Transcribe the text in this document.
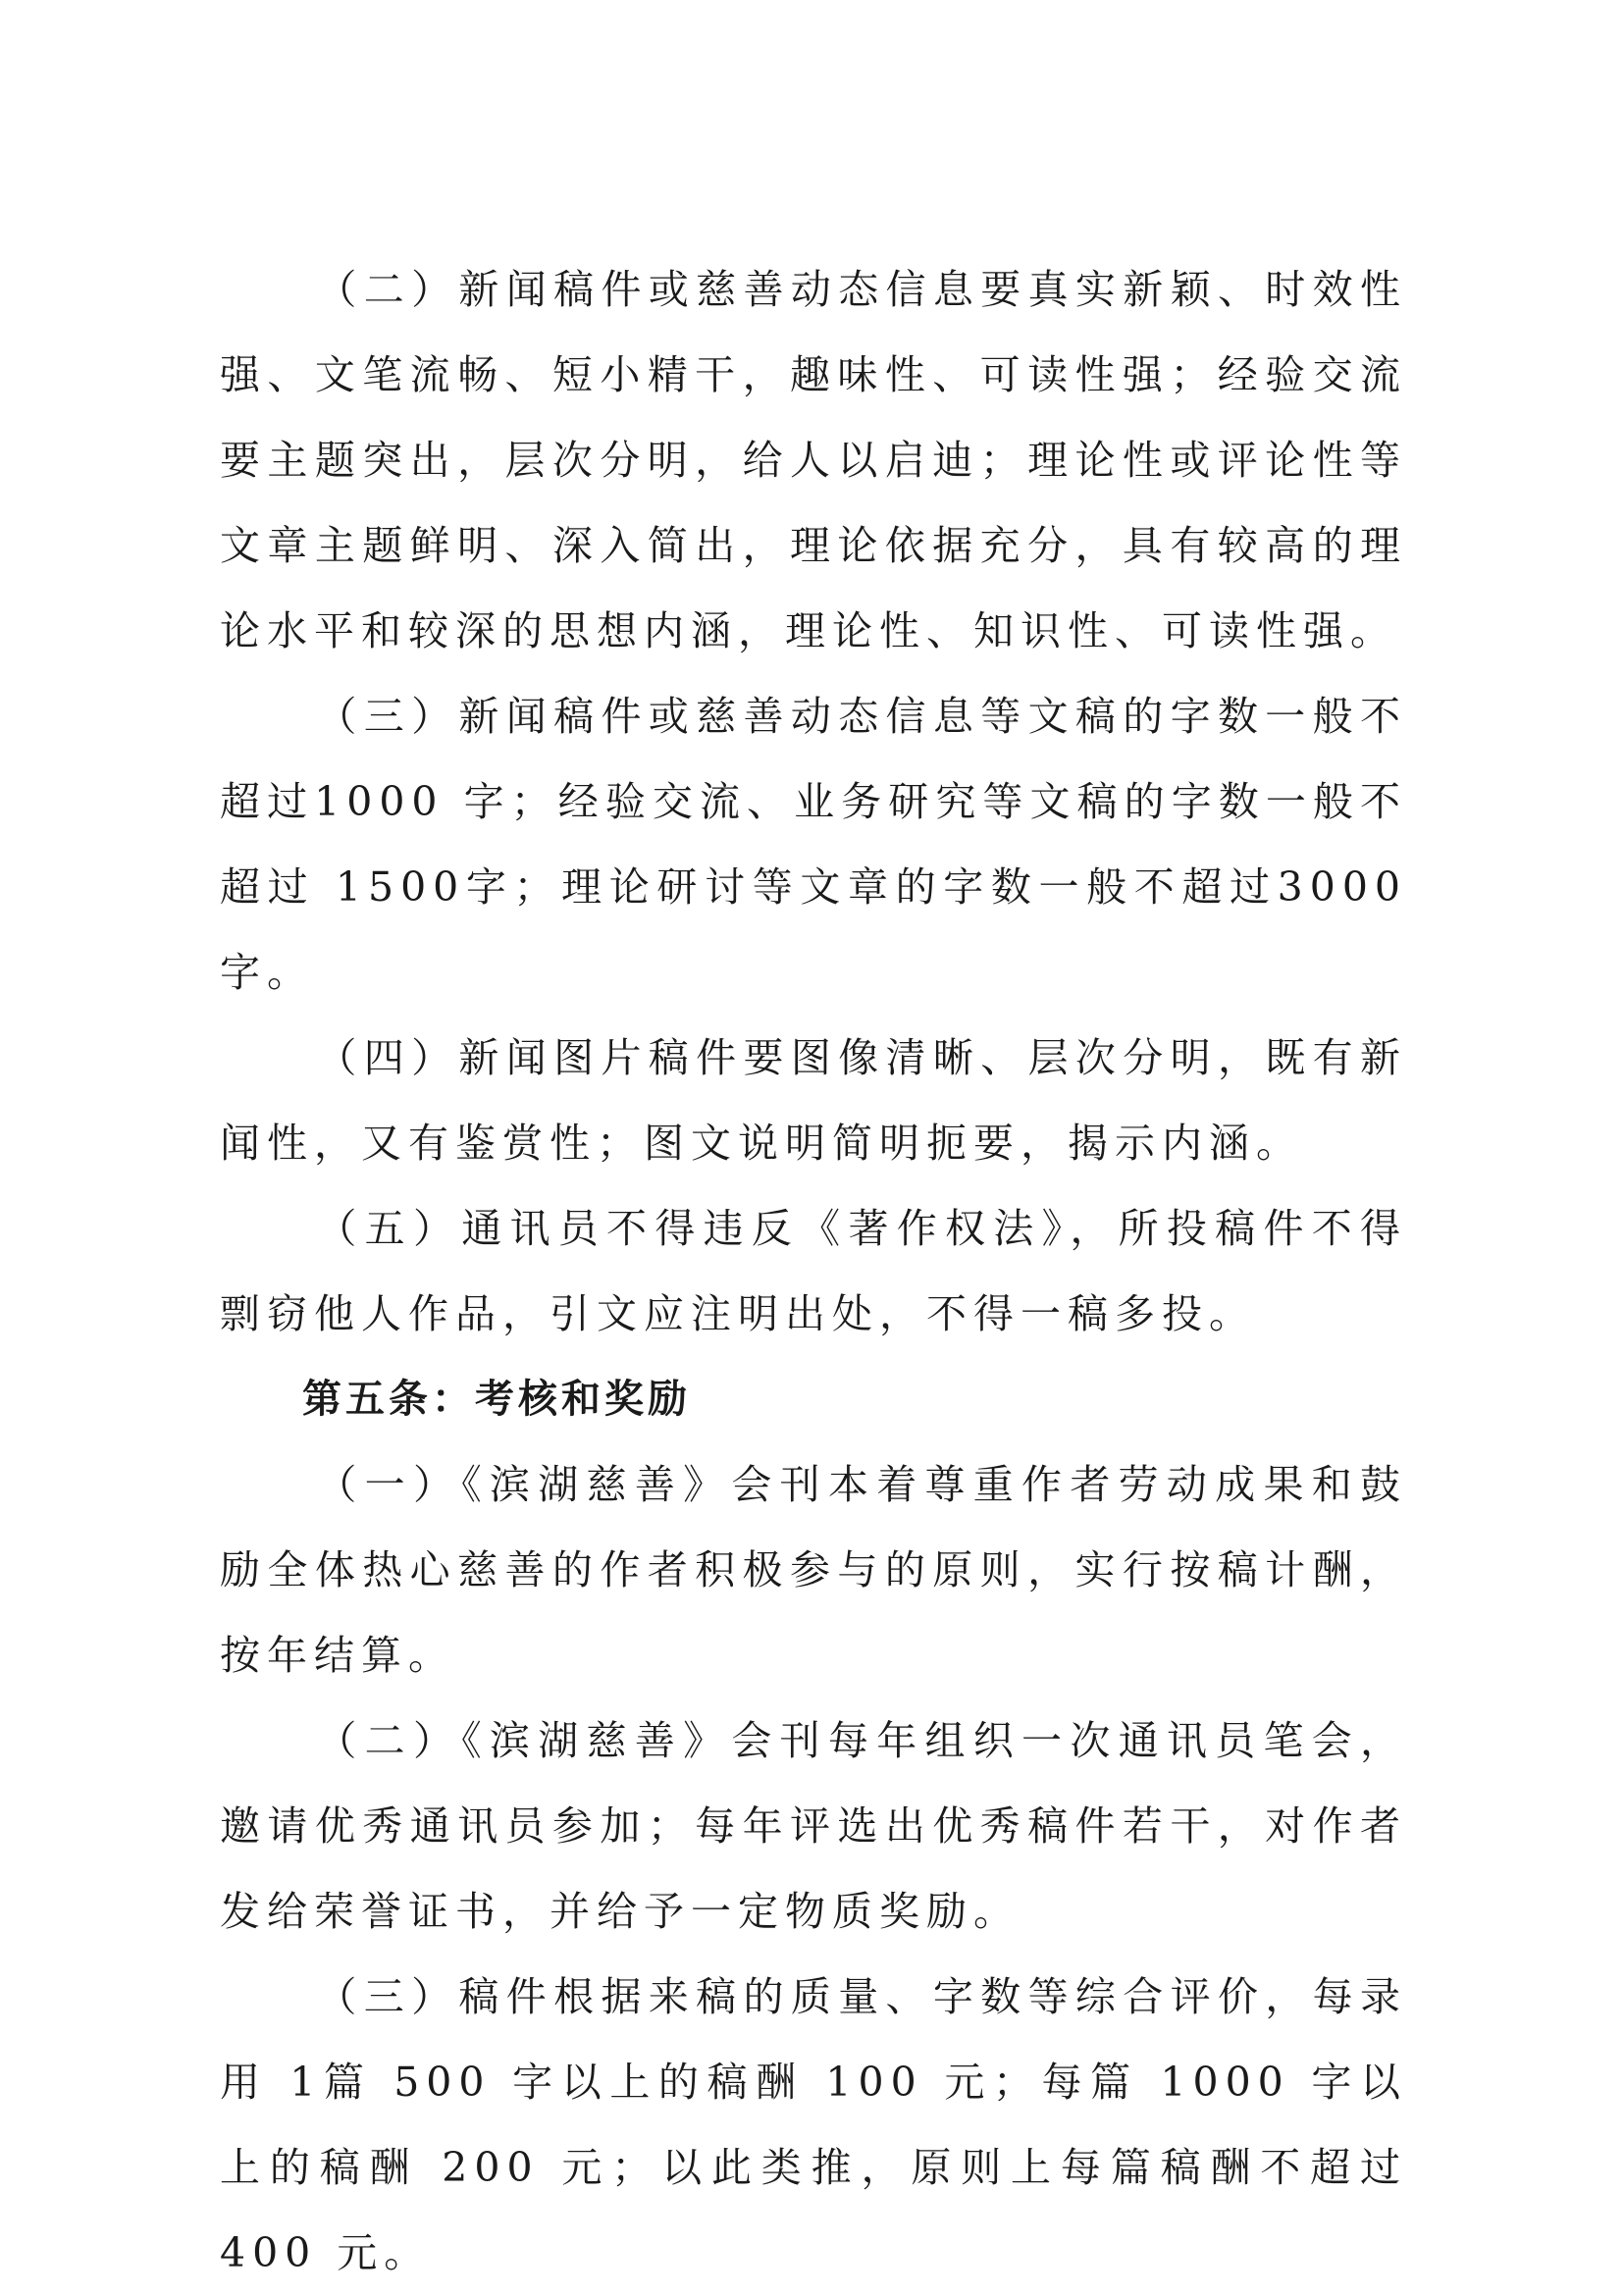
（二）新闻稿件或慈善动态信息要真实新颖、时效性强、文笔流畅、短小精干，趣味性、可读性强；经验交流要主题突出，层次分明，给人以启迪；理论性或评论性等文章主题鲜明、深入简出，理论依据充分，具有较高的理论水平和较深的思想内涵，理论性、知识性、可读性强。

（三）新闻稿件或慈善动态信息等文稿的字数一般不超过1000 字；经验交流、业务研究等文稿的字数一般不超过 1500字；理论研讨等文章的字数一般不超过3000字。

（四）新闻图片稿件要图像清晰、层次分明，既有新闻性，又有鉴赏性；图文说明简明扼要，揭示内涵。

（五）通讯员不得违反《著作权法》，所投稿件不得剽窃他人作品，引文应注明出处，不得一稿多投。

第五条：考核和奖励

（一）《滨湖慈善》会刊本着尊重作者劳动成果和鼓励全体热心慈善的作者积极参与的原则，实行按稿计酬，按年结算。

（二）《滨湖慈善》会刊每年组织一次通讯员笔会，邀请优秀通讯员参加；每年评选出优秀稿件若干，对作者发给荣誉证书，并给予一定物质奖励。

（三）稿件根据来稿的质量、字数等综合评价，每录用 1篇 500 字以上的稿酬 100 元；每篇 1000 字以上的稿酬 200 元；以此类推，原则上每篇稿酬不超过 400 元。
